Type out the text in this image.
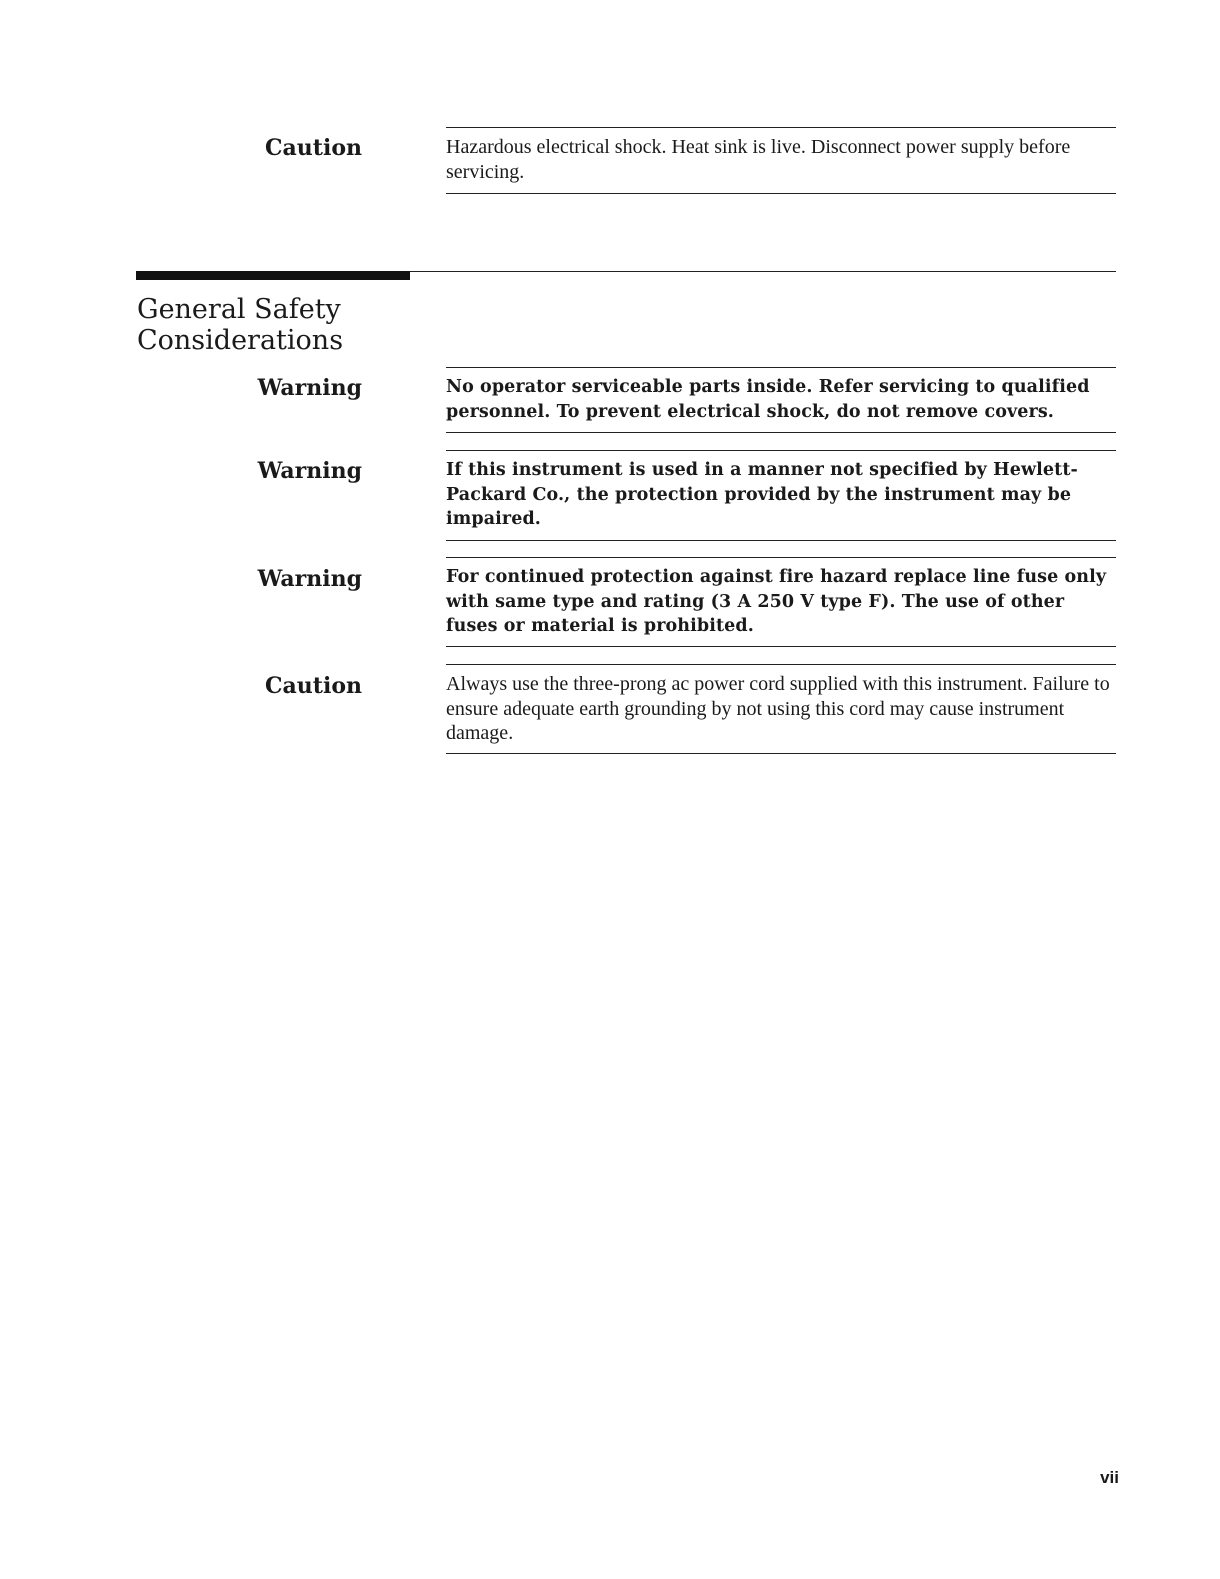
Caution	Hazardous electrical shock. Heat sink is live. Disconnect power supply before servicing.

General Safety
Considerations
Warning	No operator serviceable parts inside. Refer servicing to qualified personnel. To prevent electrical shock, do not remove covers.

Warning	If this instrument is used in a manner not specified by Hewlett-Packard Co., the protection provided by the instrument may be impaired.

Warning	For continued protection against fire hazard replace line fuse only with same type and rating (3 A 250 V type F). The use of other fuses or material is prohibited.

Caution	Always use the three-prong ac power cord supplied with this instrument. Failure to ensure adequate earth grounding by not using this cord may cause instrument damage.

vii
